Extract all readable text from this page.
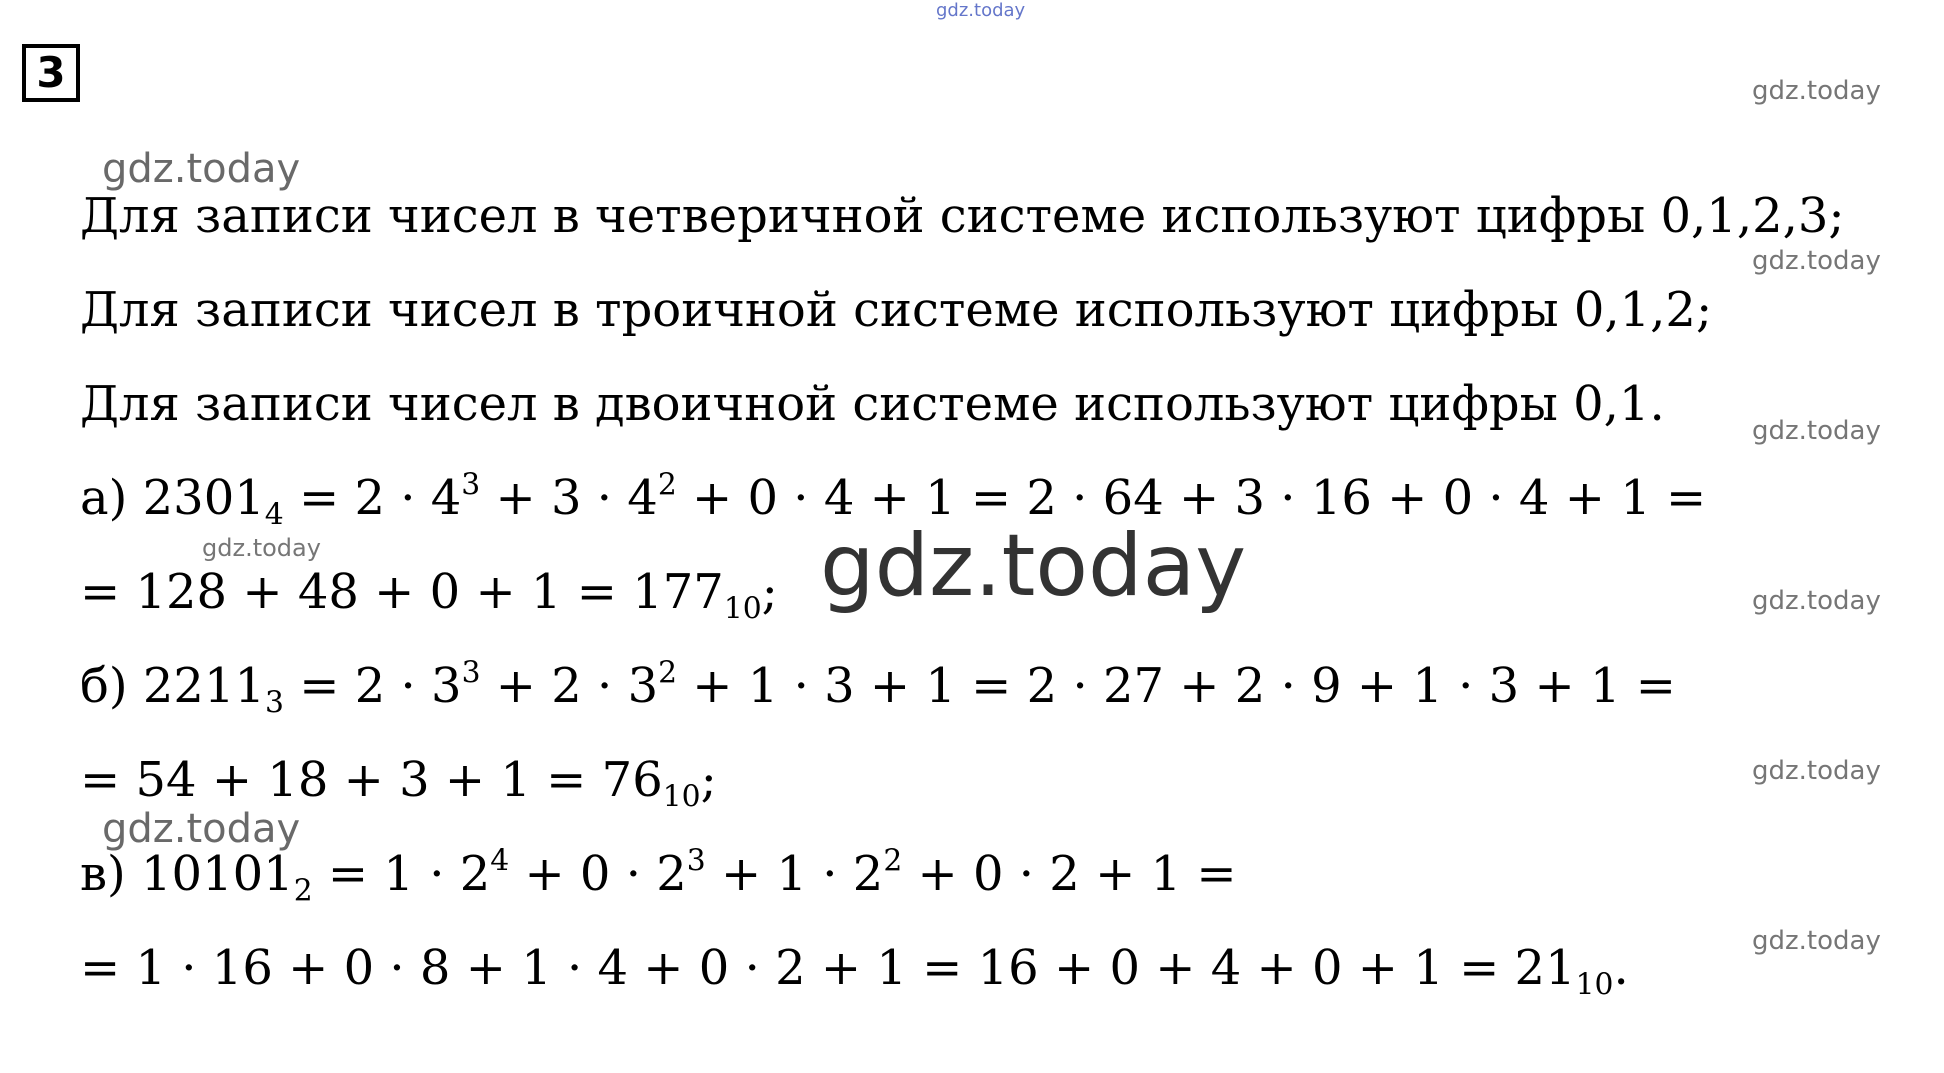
3
gdz.today
gdz.today
gdz.today
gdz.today
gdz.today
gdz.today
gdz.today
gdz.today
gdz.today
gdz.today
Для записи чисел в четверичной системе используют цифры 0,1,2,3;
Для записи чисел в троичной системе используют цифры 0,1,2;
Для записи чисел в двоичной системе используют цифры 0,1.
а) $2301_4 = 2 \cdot 4^3 + 3 \cdot 4^2 + 0 \cdot 4 + 1 = 2 \cdot 64 + 3 \cdot 16 + 0 \cdot 4 + 1$ =
= $128 + 48 + 0 + 1 = 177_{10}$;
б) $2211_3 = 2 \cdot 3^3 + 2 \cdot 3^2 + 1 \cdot 3 + 1 = 2 \cdot 27 + 2 \cdot 9 + 1 \cdot 3 + 1$ =
= $54 + 18 + 3 + 1 = 76_{10}$;
в) $10101_2 = 1 \cdot 2^4 + 0 \cdot 2^3 + 1 \cdot 2^2 + 0 \cdot 2 + 1$ =
= $1 \cdot 16 + 0 \cdot 8 + 1 \cdot 4 + 0 \cdot 2 + 1 = 16 + 0 + 4 + 0 + 1 = 21_{10}$.
gdz.today
